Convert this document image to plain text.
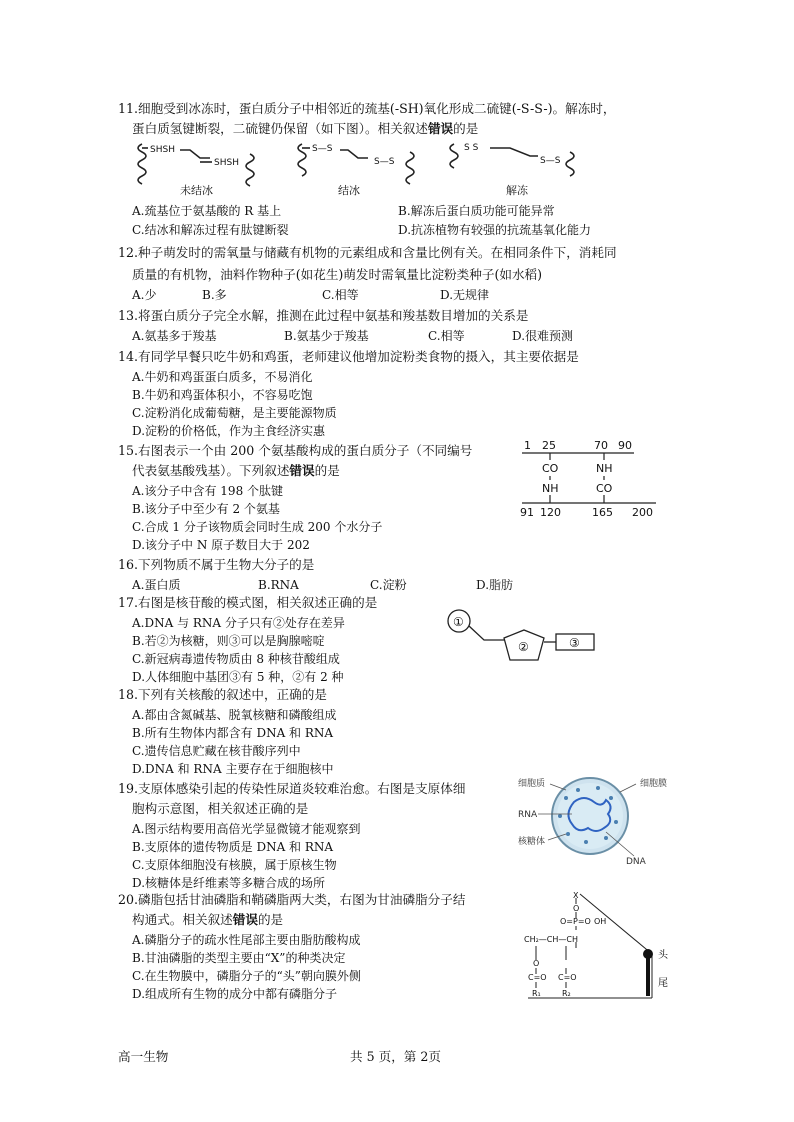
11.细胞受到冰冻时，蛋白质分子中相邻近的巯基(-SH)氧化形成二硫键(-S-S-)。解冻时，
蛋白质氢键断裂，二硫键仍保留（如下图）。相关叙述错误的是
SHSH
SHSH
S—S
S—S
S S
S—S
未结冰	结冰	解冻
A.巯基位于氨基酸的 R 基上	B.解冻后蛋白质功能可能异常
C.结冰和解冻过程有肽键断裂	D.抗冻植物有较强的抗巯基氧化能力
12.种子萌发时的需氧量与储藏有机物的元素组成和含量比例有关。在相同条件下，消耗同
质量的有机物，油料作物种子(如花生)萌发时需氧量比淀粉类种子(如水稻)
A.少	B.多	C.相等	D.无规律
13.将蛋白质分子完全水解，推测在此过程中氨基和羧基数目增加的关系是
A.氨基多于羧基	B.氨基少于羧基	C.相等	D.很难预测
14.有同学早餐只吃牛奶和鸡蛋，老师建议他增加淀粉类食物的摄入，其主要依据是
A.牛奶和鸡蛋蛋白质多，不易消化
B.牛奶和鸡蛋体积小，不容易吃饱
C.淀粉消化成葡萄糖，是主要能源物质
D.淀粉的价格低，作为主食经济实惠
15.右图表示一个由 200 个氨基酸构成的蛋白质分子（不同编号
代表氨基酸残基）。下列叙述错误的是
A.该分子中含有 198 个肽键
B.该分子中至少有 2 个氨基
C.合成 1 分子该物质会同时生成 200 个水分子
D.该分子中 N 原子数目大于 202
1 25	70 90
CO
NH
NH
CO
91 120	165 200
16.下列物质不属于生物大分子的是
A.蛋白质	B.RNA	C.淀粉	D.脂肪
17.右图是核苷酸的模式图，相关叙述正确的是
A.DNA 与 RNA 分子只有②处存在差异
B.若②为核糖，则③可以是胸腺嘧啶
C.新冠病毒遗传物质由 8 种核苷酸组成
D.人体细胞中基团③有 5 种，②有 2 种
①
②	③
18.下列有关核酸的叙述中，正确的是
A.都由含氮碱基、脱氧核糖和磷酸组成
B.所有生物体内都含有 DNA 和 RNA
C.遗传信息贮藏在核苷酸序列中
D.DNA 和 RNA 主要存在于细胞核中
19.支原体感染引起的传染性尿道炎较难治愈。右图是支原体细
胞构示意图，相关叙述正确的是
A.图示结构要用高倍光学显微镜才能观察到
B.支原体的遗传物质是 DNA 和 RNA
C.支原体细胞没有核膜，属于原核生物
D.核糖体是纤维素等多糖合成的场所
细胞质	细胞膜
RNA
核糖体
DNA
20.磷脂包括甘油磷脂和鞘磷脂两大类，右图为甘油磷脂分子结
构通式。相关叙述错误的是
A.磷脂分子的疏水性尾部主要由脂肪酸构成
B.甘油磷脂的类型主要由“X”的种类决定
C.在生物膜中，磷脂分子的“头”朝向膜外侧
D.组成所有生物的成分中都有磷脂分子
X
O
O=P=O OH
CH₂—CH—CH
O
C=O C=O
R₁	R₂
头
尾
高一生物	共 5 页，第 2页
